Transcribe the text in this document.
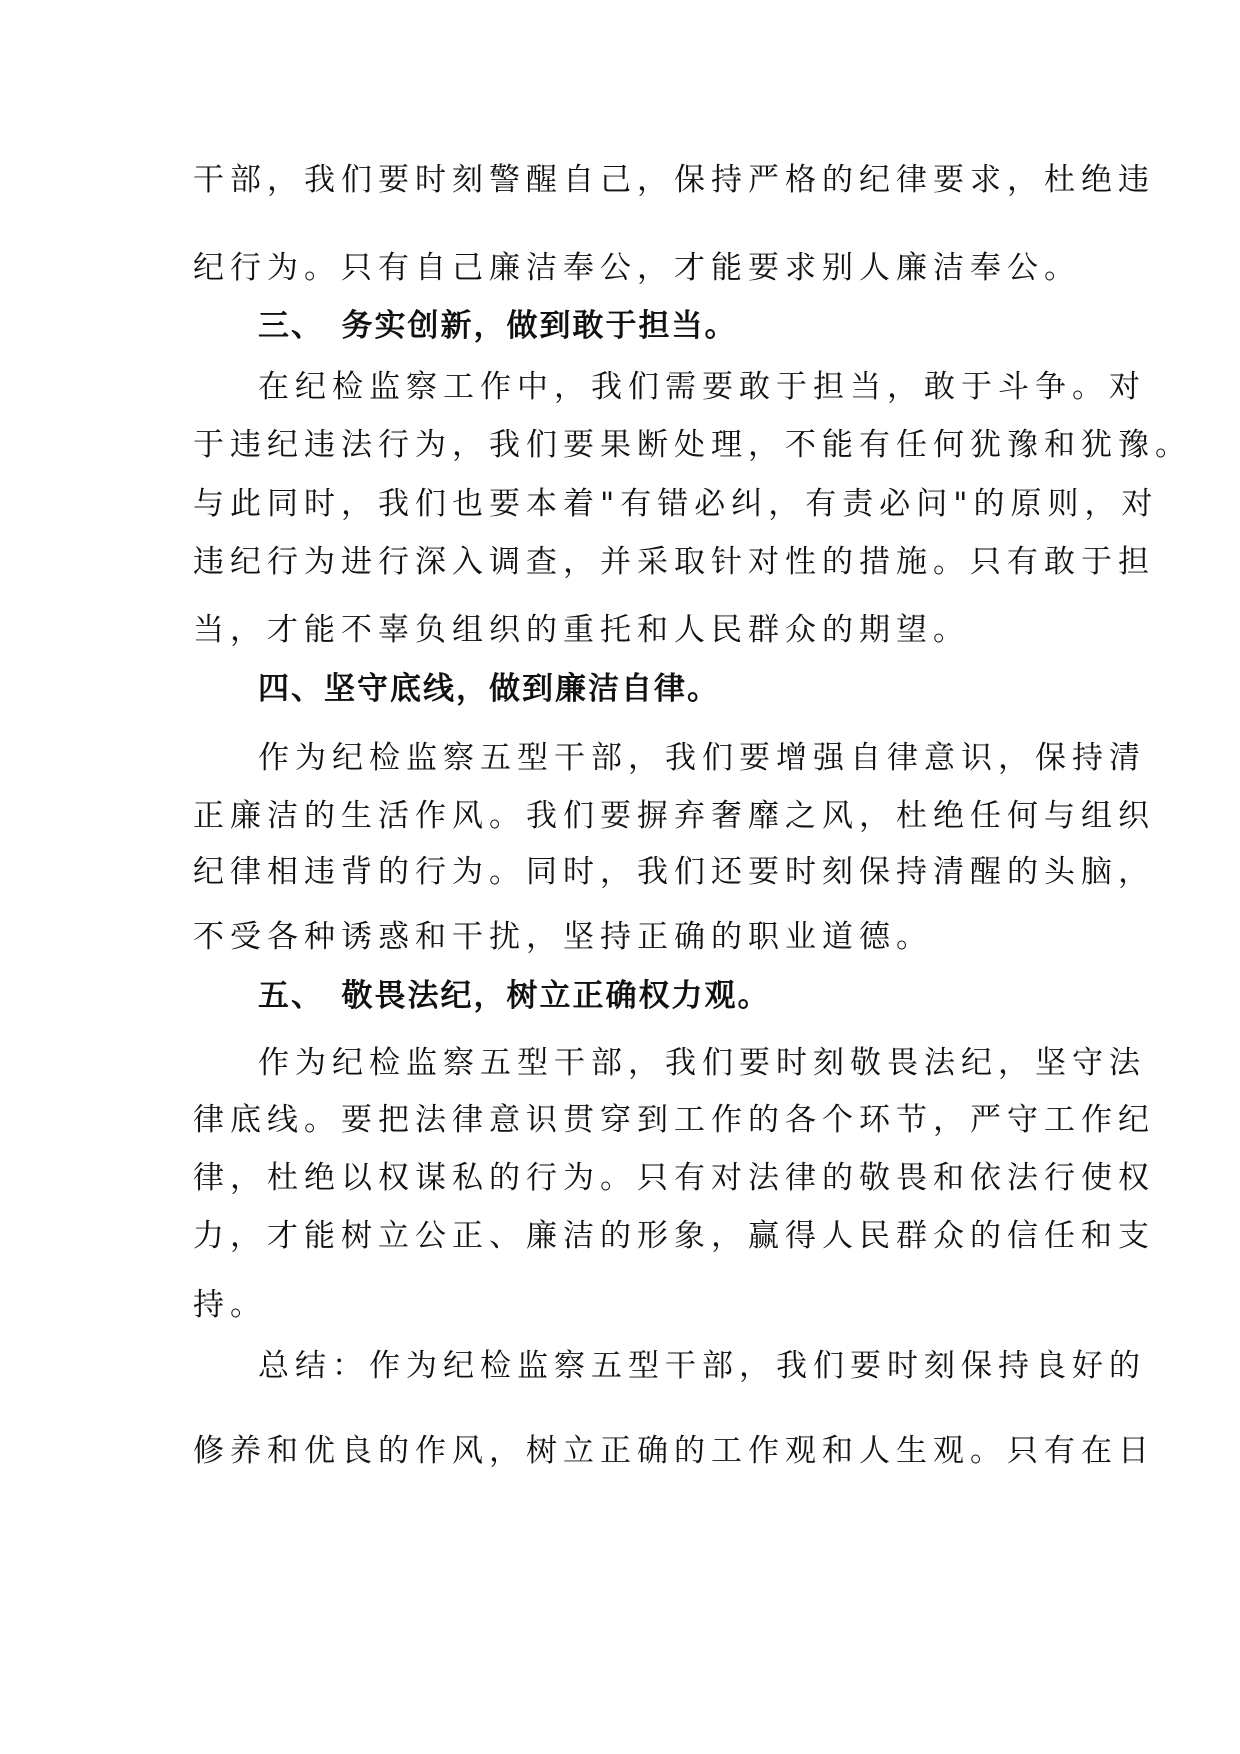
干部，我们要时刻警醒自己，保持严格的纪律要求，杜绝违
纪行为。只有自己廉洁奉公，才能要求别人廉洁奉公。
三、　务实创新，做到敢于担当。
在纪检监察工作中，我们需要敢于担当，敢于斗争。对
于违纪违法行为，我们要果断处理，不能有任何犹豫和犹豫。
与此同时，我们也要本着"有错必纠，有责必问"的原则，对
违纪行为进行深入调查，并采取针对性的措施。只有敢于担
当，才能不辜负组织的重托和人民群众的期望。
四、坚守底线，做到廉洁自律。
作为纪检监察五型干部，我们要增强自律意识，保持清
正廉洁的生活作风。我们要摒弃奢靡之风，杜绝任何与组织
纪律相违背的行为。同时，我们还要时刻保持清醒的头脑，
不受各种诱惑和干扰，坚持正确的职业道德。
五、　敬畏法纪，树立正确权力观。
作为纪检监察五型干部，我们要时刻敬畏法纪，坚守法
律底线。要把法律意识贯穿到工作的各个环节，严守工作纪
律，杜绝以权谋私的行为。只有对法律的敬畏和依法行使权
力，才能树立公正、廉洁的形象，赢得人民群众的信任和支
持。
总结：作为纪检监察五型干部，我们要时刻保持良好的
修养和优良的作风，树立正确的工作观和人生观。只有在日
